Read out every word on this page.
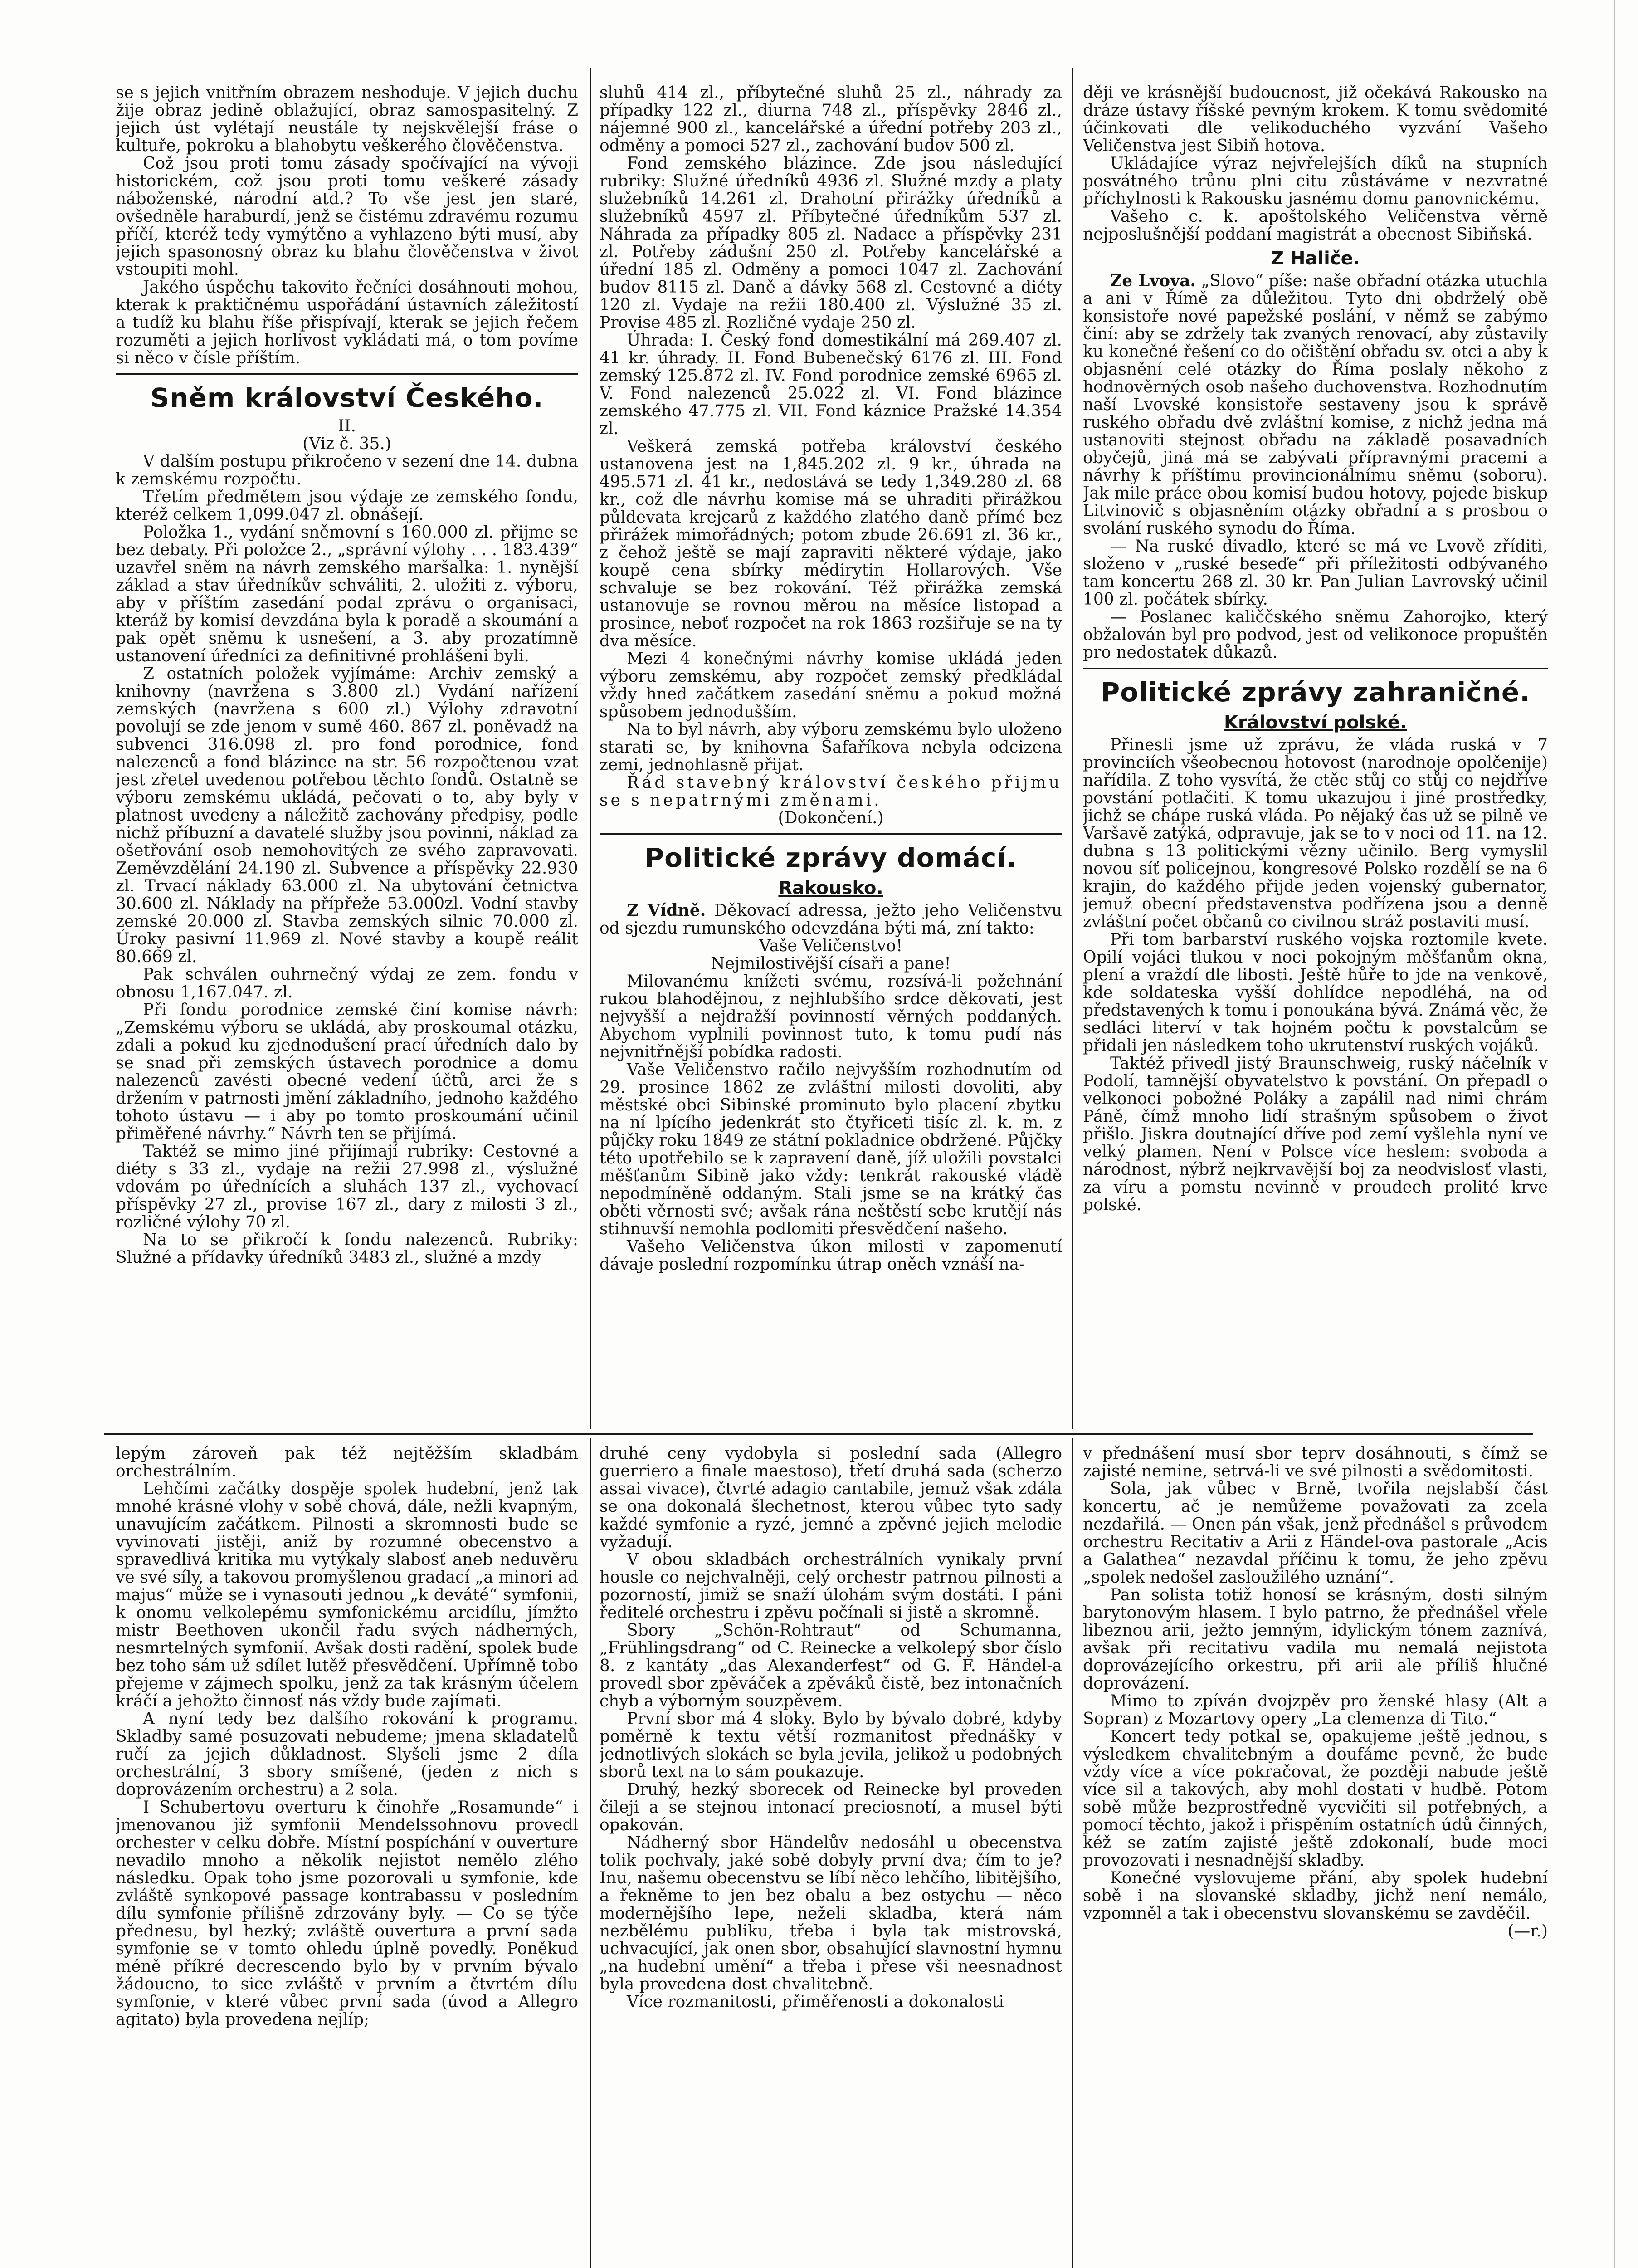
se s jejich vnitřním obrazem neshoduje. V jejich duchu žije obraz jedině oblažující, obraz samospasitelný. Z jejich úst vylétají neustále ty nejskvělejší fráse o kultuře, pokroku a blahobytu veškerého člověčenstva.

Což jsou proti tomu zásady spočívající na vývoji historickém, což jsou proti tomu veškeré zásady náboženské, národní atd.? To vše jest jen staré, ovšedněle haraburdí, jenž se čistému zdravému rozumu příčí, kteréž tedy vymýtěno a vyhlazeno býti musí, aby jejich spasonosný obraz ku blahu člověčenstva v život vstoupiti mohl.

Jakého úspěchu takovito řečníci dosáhnouti mohou, kterak k praktičnému uspořádání ústavních záležitostí a tudíž ku blahu říše přispívají, kterak se jejich řečem rozuměti a jejich horlivost vykládati má, o tom povíme si něco v čísle příštím.

Sněm království Českého.

II.

(Viz č. 35.)

V dalším postupu přikročeno v sezení dne 14. dubna k zemskému rozpočtu.

Třetím předmětem jsou výdaje ze zemského fondu, kteréž celkem 1,099.047 zl. obnášejí.

Položka 1., vydání sněmovní s 160.000 zl. přijme se bez debaty. Při položce 2., „správní výlohy . . . 183.439“ uzavřel sněm na návrh zemského maršalka: 1. nynější základ a stav úředníkův schváliti, 2. uložiti z. výboru, aby v příštím zasedání podal zprávu o organisaci, kteráž by komisí devzdána byla k poradě a skoumání a pak opět sněmu k usnešení, a 3. aby prozatímně ustanovení úředníci za definitivné prohlášeni byli.

Z ostatních položek vyjímáme: Archiv zemský a knihovny (navržena s 3.800 zl.) Vydání nařízení zemských (navržena s 600 zl.) Výlohy zdravotní povolují se zde jenom v sumě 460. 867 zl. poněvadž na subvenci 316.098 zl. pro fond porodnice, fond nalezenců a fond blázince na str. 56 rozpočtenou vzat jest zřetel uvedenou potřebou těchto fondů. Ostatně se výboru zemskému ukládá, pečovati o to, aby byly v platnost uvedeny a náležitě zachovány předpisy, podle nichž příbuzní a davatelé služby jsou povinni, náklad za ošetřování osob nemohovitých ze svého zapravovati. Zeměvzdělání 24.190 zl. Subvence a příspěvky 22.930 zl. Trvací náklady 63.000 zl. Na ubytování četnictva 30.600 zl. Náklady na přípřeže 53.000zl. Vodní stavby zemské 20.000 zl. Stavba zemských silnic 70.000 zl. Úroky pasivní 11.969 zl. Nové stavby a koupě reálit 80.669 zl.

Pak schválen ouhrnečný výdaj ze zem. fondu v obnosu 1,167.047. zl.

Při fondu porodnice zemské činí komise návrh: „Zemskému výboru se ukládá, aby proskoumal otázku, zdali a pokud ku zjednodušení prací úředních dalo by se snad při zemských ústavech porodnice a domu nalezenců zavésti obecné vedení účtů, arci že s držením v patrnosti jmění základního, jednoho každého tohoto ústavu — i aby po tomto proskoumání učinil přiměřené návrhy.“ Návrh ten se přijímá.

Taktéž se mimo jiné přijímají rubriky: Cestovné a diéty s 33 zl., vydaje na režii 27.998 zl., výslužné vdovám po úřednících a sluhách 137 zl., vychovací příspěvky 27 zl., provise 167 zl., dary z milosti 3 zl., rozličné výlohy 70 zl.

Na to se přikročí k fondu nalezenců. Rubriky: Služné a přídavky úředníků 3483 zl., služné a mzdy

sluhů 414 zl., příbytečné sluhů 25 zl., náhrady za případky 122 zl., diurna 748 zl., příspěvky 2846 zl., nájemné 900 zl., kancelářské a úřední potřeby 203 zl., odměny a pomoci 527 zl., zachování budov 500 zl.

Fond zemského blázince. Zde jsou následující rubriky: Služné úředníků 4936 zl. Služné mzdy a platy služebníků 14.261 zl. Drahotní přirážky úředníků a služebníků 4597 zl. Příbytečné úředníkům 537 zl. Náhrada za případky 805 zl. Nadace a příspěvky 231 zl. Potřeby zádušní 250 zl. Potřeby kancelářské a úřední 185 zl. Odměny a pomoci 1047 zl. Zachování budov 8115 zl. Daně a dávky 568 zl. Cestovné a diéty 120 zl. Vydaje na režii 180.400 zl. Výslužné 35 zl. Provise 485 zl. Rozličné vydaje 250 zl.

Úhrada: I. Český fond domestikální má 269.407 zl. 41 kr. úhrady. II. Fond Bubenečský 6176 zl. III. Fond zemský 125.872 zl. IV. Fond porodnice zemské 6965 zl. V. Fond nalezenců 25.022 zl. VI. Fond blázince zemského 47.775 zl. VII. Fond káznice Pražské 14.354 zl.

Veškerá zemská potřeba království českého ustanovena jest na 1,845.202 zl. 9 kr., úhrada na 495.571 zl. 41 kr., nedostává se tedy 1,349.280 zl. 68 kr., což dle návrhu komise má se uhraditi přirážkou půldevata krejcarů z každého zlatého daně přímé bez přirážek mimořádných; potom zbude 26.691 zl. 36 kr., z čehož ještě se mají zapraviti některé výdaje, jako koupě cena sbírky médirytin Hollarových. Vše schvaluje se bez rokování. Též přirážka zemská ustanovuje se rovnou měrou na měsíce listopad a prosince, neboť rozpočet na rok 1863 rozšiřuje se na ty dva měsíce.

Mezi 4 konečnými návrhy komise ukládá jeden výboru zemskému, aby rozpočet zemský předkládal vždy hned začátkem zasedání sněmu a pokud možná spůsobem jednodušším.

Na to byl návrh, aby výboru zemskému bylo uloženo starati se, by knihovna Šafaříkova nebyla odcizena zemi, jednohlasně přijat.

Řád stavebný království českého přijmu se s nepatrnými změnami.

(Dokončení.)

Politické zprávy domácí.
Rakousko.

Z Vídně. Děkovací adressa, ježto jeho Veličenstvu od sjezdu rumunského odevzdána býti má, zní takto:

Vaše Veličenstvo!

Nejmilostivější císaři a pane!

Milovanému knížeti svému, rozsívá-li požehnání rukou blahodějnou, z nejhlubšího srdce děkovati, jest nejvyšší a nejdražší povinností věrných poddaných. Abychom vyplnili povinnost tuto, k tomu pudí nás nejvnitřnější pobídka radosti.

Vaše Veličenstvo račilo nejvyšším rozhodnutím od 29. prosince 1862 ze zvláštní milosti dovoliti, aby městské obci Sibinské prominuto bylo placení zbytku na ní lpícího jedenkrát sto čtyřiceti tisíc zl. k. m. z půjčky roku 1849 ze státní pokladnice obdržené. Půjčky této upotřebilo se k zapravení daně, jíž uložili povstalci měšťanům Sibině jako vždy: tenkrát rakouské vládě nepodmíněně oddaným. Stali jsme se na krátký čas oběti věrnosti své; avšak rána neštěstí sebe krutějí nás stihnuvší nemohla podlomiti přesvědčení našeho.

Vašeho Veličenstva úkon milosti v zapomenutí dávaje poslední rozpomínku útrap oněch vznáší na-

ději ve krásnější budoucnost, již očekává Rakousko na dráze ústavy říšské pevným krokem. K tomu svědomité účinkovati dle velikoduchého vyzvání Vašeho Veličenstva jest Sibiň hotova.

Ukládajíce výraz nejvřelejších díků na stupních posvátného trůnu plni citu zůstáváme v nezvratné příchylnosti k Rakousku jasnému domu panovnickému.

Vašeho c. k. apoštolského Veličenstva věrně nejposlušnější poddaní magistrát a obecnost Sibiňská.

Z Haliče.

Ze Lvova. „Slovo“ píše: naše obřadní otázka utuchla a ani v Římě za důležitou. Tyto dni obdrželý obě konsistoře nové papežské poslání, v němž se zabýmo činí: aby se zdržely tak zvaných renovací, aby zůstavily ku konečné řešení co do očištění obřadu sv. otci a aby k objasnění celé otázky do Říma poslaly někoho z hodnověrných osob našeho duchovenstva. Rozhodnutím naší Lvovské konsistoře sestaveny jsou k správě ruského obřadu dvě zvláštní komise, z nichž jedna má ustanoviti stejnost obřadu na základě posavadních obyčejů, jiná má se zabývati přípravnými pracemi a návrhy k příštímu provincionálnímu sněmu (soboru). Jak mile práce obou komisí budou hotovy, pojede biskup Litvinovič s objasněním otázky obřadní a s prosbou o svolání ruského synodu do Říma.

— Na ruské divadlo, které se má ve Lvově zříditi, složeno v „ruské beseďe“ při příležitosti odbývaného tam koncertu 268 zl. 30 kr. Pan Julian Lavrovský učinil 100 zl. počátek sbírky.

— Poslanec kaliččského sněmu Zahorojko, který obžalován byl pro podvod, jest od velikonoce propuštěn pro nedostatek důkazů.

Politické zprávy zahraničné.
Království polské.

Přinesli jsme už zprávu, že vláda ruská v 7 provinciích všeobecnou hotovost (narodnoje opolčenije) nařídila. Z toho vysvítá, že ctěc stůj co stůj co nejdříve povstání potlačiti. K tomu ukazujou i jiné prostředky, jichž se chápe ruská vláda. Po nějaký čas už se pilně ve Varšavě zatýká, odpravuje, jak se to v noci od 11. na 12. dubna s 13 politickými vězny učinilo. Berg vymyslil novou síť policejnou, kongresové Polsko rozdělí se na 6 krajin, do každého přijde jeden vojenský gubernator, jemuž obecní představenstva podřízena jsou a denně zvláštní počet občanů co civilnou stráž postaviti musí.

Při tom barbarství ruského vojska roztomile kvete. Opilí vojáci tlukou v noci pokojným měšťanům okna, plení a vraždí dle libosti. Ještě hůře to jde na venkově, kde soldateska vyšší dohlídce nepodléhá, na od představených k tomu i ponoukána bývá. Známá věc, že sedláci literví v tak hojném počtu k povstalcům se přidali jen následkem toho ukrutenství ruských vojáků.

Taktéž přivedl jistý Braunschweig, ruský náčelník v Podolí, tamnější obyvatelstvo k povstání. On přepadl o velkonoci pobožné Poláky a zapálil nad nimi chrám Páně, čímž mnoho lidí strašným spůsobem o život přišlo. Jiskra doutnající dříve pod zemí vyšlehla nyní ve velký plamen. Není v Polsce více heslem: svoboda a národnost, nýbrž nejkrvavější boj za neodvislosť vlasti, za víru a pomstu nevinně v proudech prolité krve polské.

lepým zároveň pak též nejtěžším skladbám orchestrálním.

Lehčími začátky dospěje spolek hudební, jenž tak mnohé krásné vlohy v sobě chová, dále, nežli kvapným, unavujícím začátkem. Pilnosti a skromnosti bude se vyvinovati jistěji, aniž by rozumné obecenstvo a spravedlivá kritika mu vytýkaly slabosť aneb neduvěru ve své síly, a takovou promyšlenou gradací „a minori ad majus“ může se i vynasouti jednou „k deváté“ symfonii, k onomu velkolepému symfonickému arcidílu, jímžto mistr Beethoven ukončil řadu svých nádherných, nesmrtelných symfonií. Avšak dosti radění, spolek bude bez toho sám už sdílet lutěž přesvědčení. Upřímně tobo přejeme v zájmech spolku, jenž za tak krásným účelem kráčí a jehožto činnosť nás vždy bude zajímati.

A nyní tedy bez dalšího rokování k programu. Skladby samé posuzovati nebudeme; jmena skladatelů ručí za jejich důkladnost. Slyšeli jsme 2 díla orchestrální, 3 sbory smíšené, (jeden z nich s doprovázením orchestru) a 2 sola.

I Schubertovu overturu k činohře „Rosamunde“ i jmenovanou již symfonii Mendelssohnovu provedl orchester v celku dobře. Místní pospíchání v ouverture nevadilo mnoho a několik nejistot nemělo zlého následku. Opak toho jsme pozorovali u symfonie, kde zvláště synkopové passage kontrabassu v posledním dílu symfonie přílišně zdrzovány byly. — Co se týče přednesu, byl hezký; zvláště ouvertura a první sada symfonie se v tomto ohledu úplně povedly. Poněkud méně příkré decrescendo bylo by v prvním bývalo žádoucno, to sice zvláště v prvním a čtvrtém dílu symfonie, v které vůbec první sada (úvod a Allegro agitato) byla provedena nejlíp;

druhé ceny vydobyla si poslední sada (Allegro guerriero a finale maestoso), třetí druhá sada (scherzo assai vivace), čtvrté adagio cantabile, jemuž však zdála se ona dokonalá šlechetnost, kterou vůbec tyto sady každé symfonie a ryzé, jemné a zpěvné jejich melodie vyžadují.

V obou skladbách orchestrálních vynikaly první housle co nejchvalněji, celý orchestr patrnou pilnosti a pozorností, jimiž se snaží úlohám svým dostáti. I páni ředitelé orchestru i zpěvu počínali si jistě a skromně.

Sbory „Schön-Rohtraut“ od Schumanna, „Frühlingsdrang“ od C. Reinecke a velkolepý sbor číslo 8. z kantáty „das Alexanderfest“ od G. F. Händel-a provedl sbor zpěváček a zpěváků čistě, bez intonačních chyb a výborným souzpěvem.

První sbor má 4 sloky. Bylo by bývalo dobré, kdyby poměrně k textu větší rozmanitost přednášky v jednotlivých slokách se byla jevila, jelikož u podobných sborů text na to sám poukazuje.

Druhý, hezký sborecek od Reinecke byl proveden čileji a se stejnou intonací preciosnotí, a musel býti opakován.

Nádherný sbor Händelův nedosáhl u obecenstva tolik pochvaly, jaké sobě dobyly první dva; čím to je? Inu, našemu obecenstvu se líbí něco lehčího, libitějšího, a řekněme to jen bez obalu a bez ostychu — něco modernějšího lepe, neželi skladba, která nám nezbělému publiku, třeba i byla tak mistrovská, uchvacující, jak onen sbor, obsahující slavnostní hymnu „na hudební umění“ a třeba i přese vši neesnadnost byla provedena dost chvalitebně.

Více rozmanitosti, přiměřenosti a dokonalosti

v přednášení musí sbor teprv dosáhnouti, s čímž se zajisté nemine, setrvá-li ve své pilnosti a svědomitosti.

Sola, jak vůbec v Brně, tvořila nejslabší část koncertu, ač je nemůžeme považovati za zcela nezdařilá. — Onen pán však, jenž přednášel s průvodem orchestru Recitativ a Arii z Händel-ova pastorale „Acis a Galathea“ nezavdal příčinu k tomu, že jeho zpěvu „spolek nedošel zasloužilého uznání“.

Pan solista totiž honosí se krásným, dosti silným barytonovým hlasem. I bylo patrno, že přednášel vřele libeznou arii, ježto jemným, idylickým tónem zaznívá, avšak při recitativu vadila mu nemalá nejistota doprovázejícího orkestru, při arii ale příliš hlučné doprovázení.

Mimo to zpíván dvojzpěv pro ženské hlasy (Alt a Sopran) z Mozartovy opery „La clemenza di Tito.“

Koncert tedy potkal se, opakujeme ještě jednou, s výsledkem chvalitebným a doufáme pevně, že bude vždy více a více pokračovat, že později nabude ještě více sil a takových, aby mohl dostati v hudbě. Potom sobě může bezprostředně vycvičiti sil potřebných, a pomocí těchto, jakož i přispěním ostatních údů činných, kéž se zatím zajisté ještě zdokonalí, bude moci provozovati i nesnadnější skladby.

Konečné vyslovujeme přání, aby spolek hudební sobě i na slovanské skladby, jichž není nemálo, vzpomněl a tak i obecenstvu slovanskému se zavděčil.

(—r.)
